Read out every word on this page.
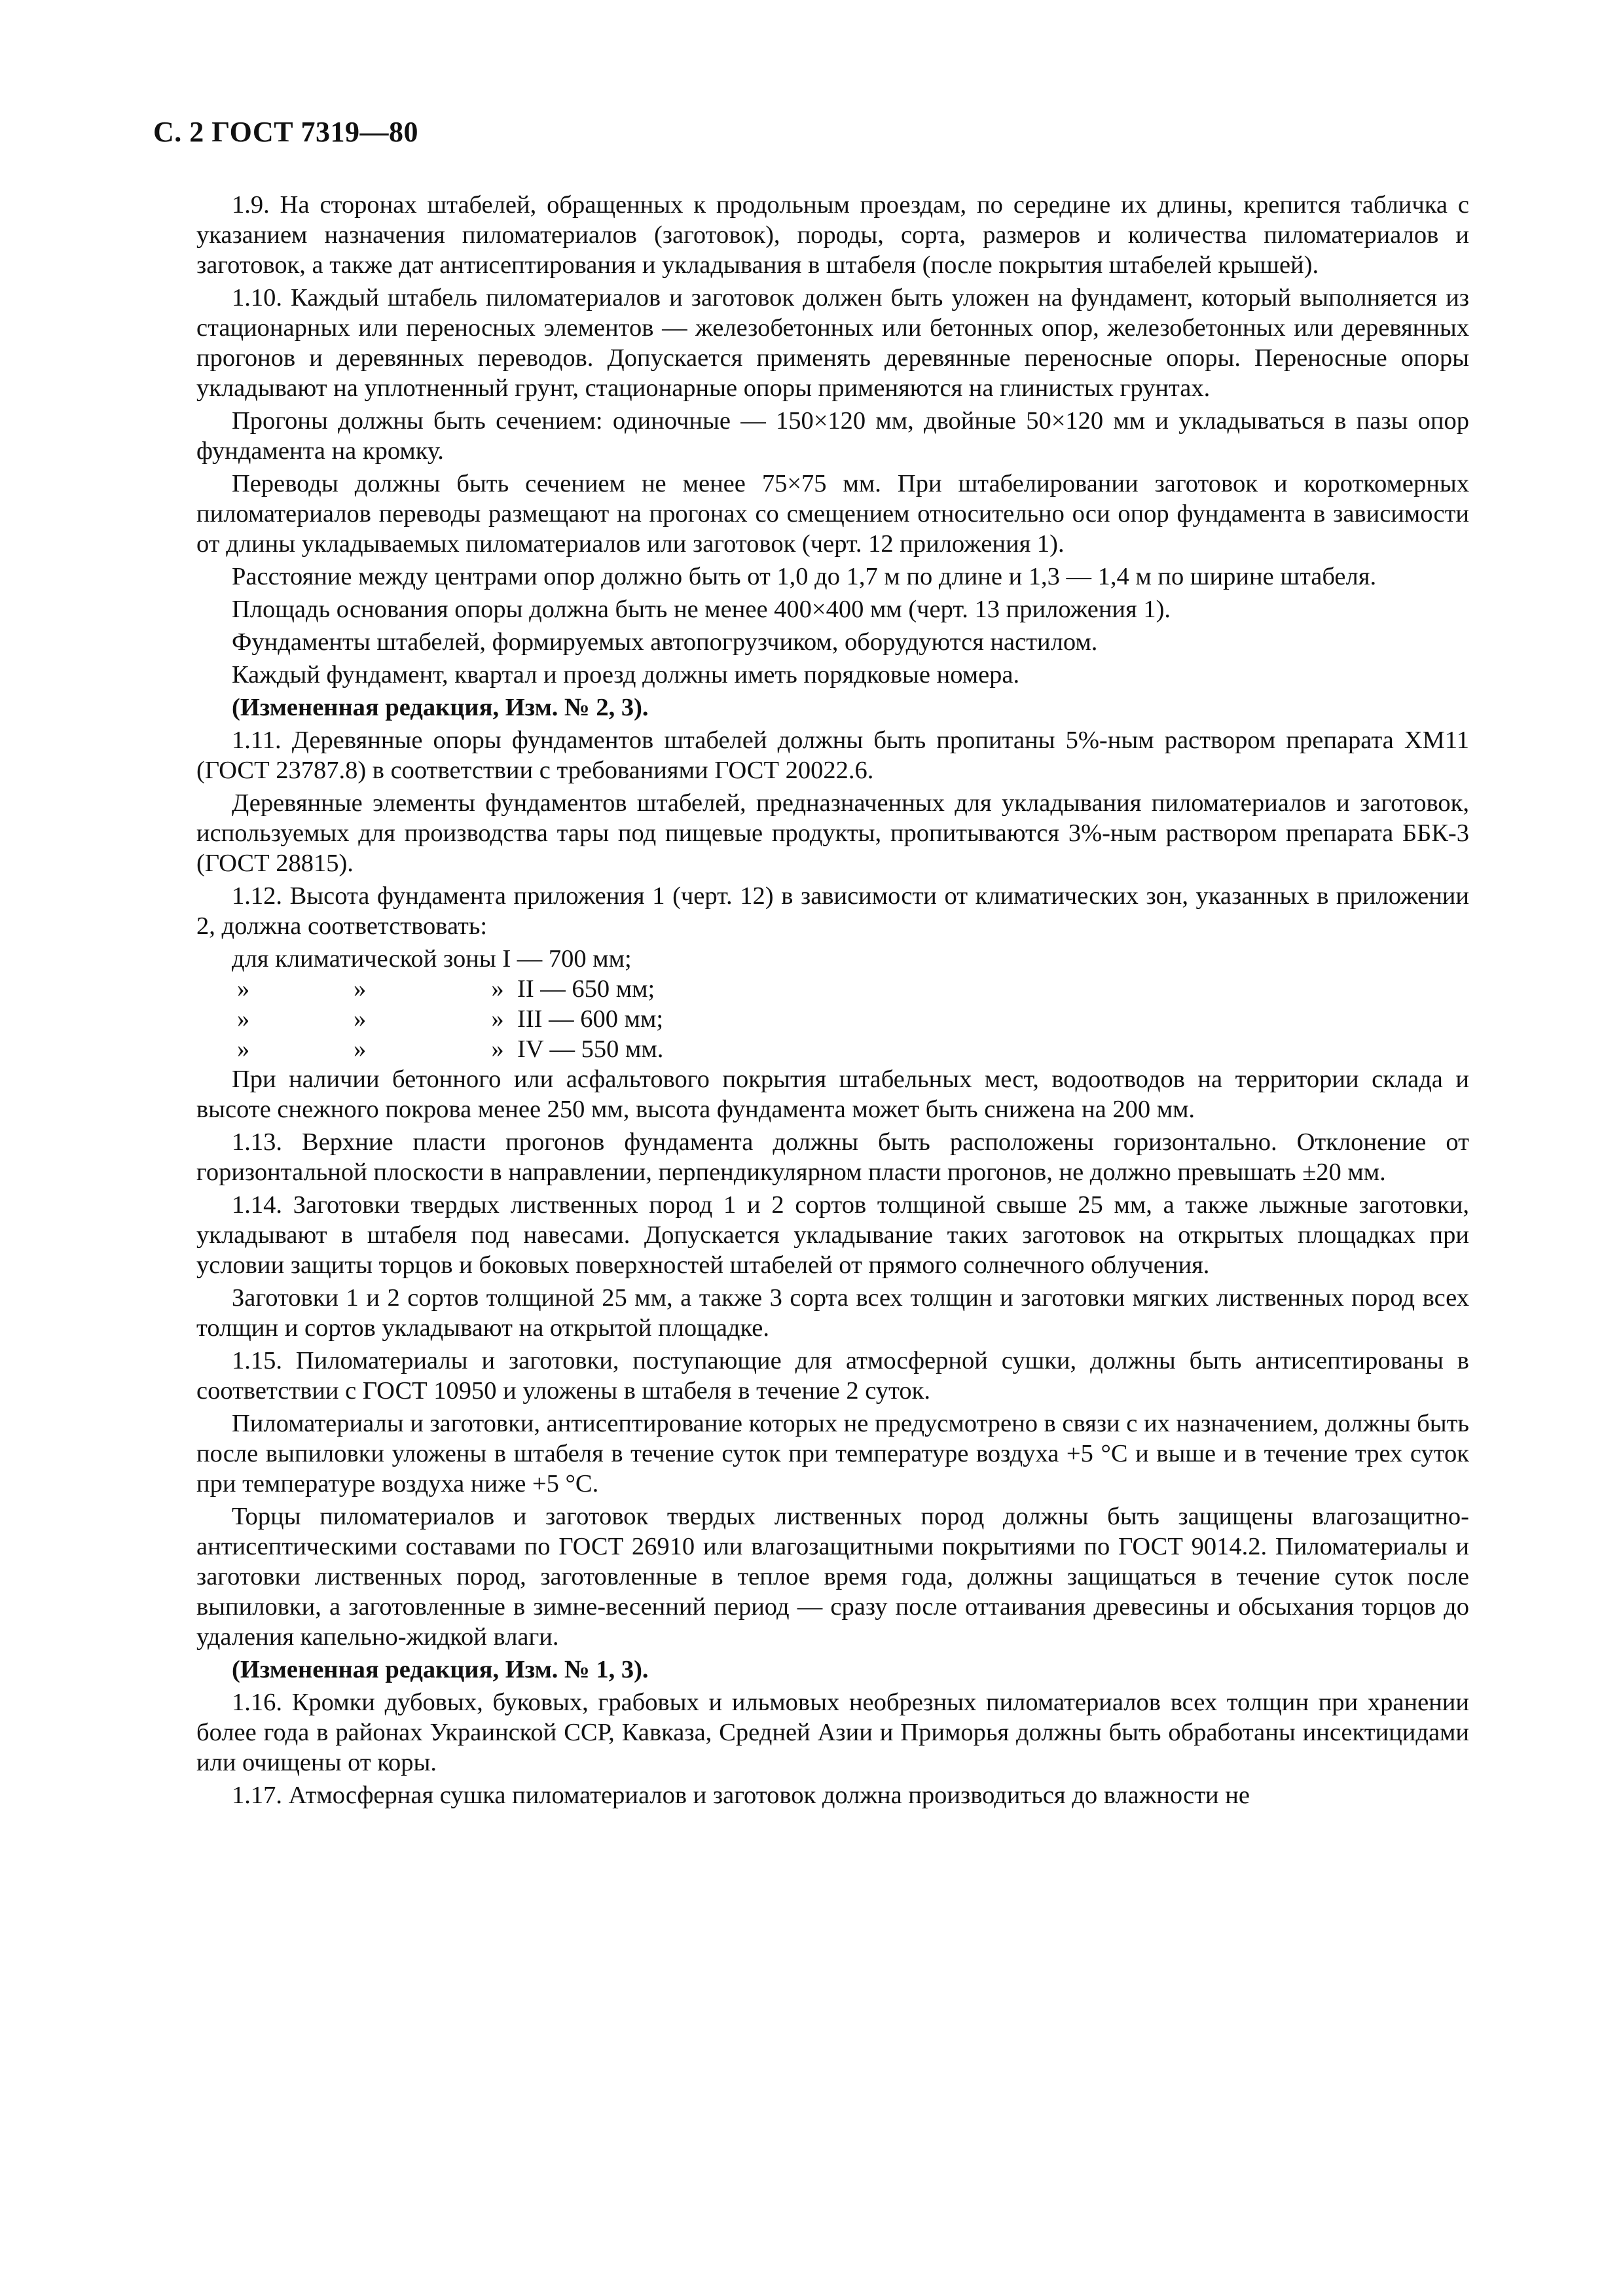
С. 2 ГОСТ 7319—80

1.9. На сторонах штабелей, обращенных к продольным проездам, по середине их длины, крепится табличка с указанием назначения пиломатериалов (заготовок), породы, сорта, размеров и количества пиломатериалов и заготовок, а также дат антисептирования и укладывания в штабеля (после покрытия штабелей крышей).

1.10. Каждый штабель пиломатериалов и заготовок должен быть уложен на фундамент, который выполняется из стационарных или переносных элементов — железобетонных или бетонных опор, железобетонных или деревянных прогонов и деревянных переводов. Допускается применять деревянные переносные опоры. Переносные опоры укладывают на уплотненный грунт, стационарные опоры применяются на глинистых грунтах.

Прогоны должны быть сечением: одиночные — 150×120 мм, двойные 50×120 мм и укладываться в пазы опор фундамента на кромку.

Переводы должны быть сечением не менее 75×75 мм. При штабелировании заготовок и короткомерных пиломатериалов переводы размещают на прогонах со смещением относительно оси опор фундамента в зависимости от длины укладываемых пиломатериалов или заготовок (черт. 12 приложения 1).

Расстояние между центрами опор должно быть от 1,0 до 1,7 м по длине и 1,3 — 1,4 м по ширине штабеля.

Площадь основания опоры должна быть не менее 400×400 мм (черт. 13 приложения 1).

Фундаменты штабелей, формируемых автопогрузчиком, оборудуются настилом.

Каждый фундамент, квартал и проезд должны иметь порядковые номера.

(Измененная редакция, Изм. № 2, 3).

1.11. Деревянные опоры фундаментов штабелей должны быть пропитаны 5%-ным раствором препарата ХМ11 (ГОСТ 23787.8) в соответствии с требованиями ГОСТ 20022.6.

Деревянные элементы фундаментов штабелей, предназначенных для укладывания пиломатериалов и заготовок, используемых для производства тары под пищевые продукты, пропитываются 3%-ным раствором препарата ББК-3 (ГОСТ 28815).

1.12. Высота фундамента приложения 1 (черт. 12) в зависимости от климатических зон, указанных в приложении 2, должна соответствовать:

для климатической зоны I — 700 мм;
»	»	» II — 650 мм;
»	»	» III — 600 мм;
»	»	» IV — 550 мм.

При наличии бетонного или асфальтового покрытия штабельных мест, водоотводов на территории склада и высоте снежного покрова менее 250 мм, высота фундамента может быть снижена на 200 мм.

1.13. Верхние пласти прогонов фундамента должны быть расположены горизонтально. Отклонение от горизонтальной плоскости в направлении, перпендикулярном пласти прогонов, не должно превышать ±20 мм.

1.14. Заготовки твердых лиственных пород 1 и 2 сортов толщиной свыше 25 мм, а также лыжные заготовки, укладывают в штабеля под навесами. Допускается укладывание таких заготовок на открытых площадках при условии защиты торцов и боковых поверхностей штабелей от прямого солнечного облучения.

Заготовки 1 и 2 сортов толщиной 25 мм, а также 3 сорта всех толщин и заготовки мягких лиственных пород всех толщин и сортов укладывают на открытой площадке.

1.15. Пиломатериалы и заготовки, поступающие для атмосферной сушки, должны быть антисептированы в соответствии с ГОСТ 10950 и уложены в штабеля в течение 2 суток.

Пиломатериалы и заготовки, антисептирование которых не предусмотрено в связи с их назначением, должны быть после выпиловки уложены в штабеля в течение суток при температуре воздуха +5 °С и выше и в течение трех суток при температуре воздуха ниже +5 °С.

Торцы пиломатериалов и заготовок твердых лиственных пород должны быть защищены влагозащитно-антисептическими составами по ГОСТ 26910 или влагозащитными покрытиями по ГОСТ 9014.2. Пиломатериалы и заготовки лиственных пород, заготовленные в теплое время года, должны защищаться в течение суток после выпиловки, а заготовленные в зимне-весенний период — сразу после оттаивания древесины и обсыхания торцов до удаления капельно-жидкой влаги.

(Измененная редакция, Изм. № 1, 3).

1.16. Кромки дубовых, буковых, грабовых и ильмовых необрезных пиломатериалов всех толщин при хранении более года в районах Украинской ССР, Кавказа, Средней Азии и Приморья должны быть обработаны инсектицидами или очищены от коры.

1.17. Атмосферная сушка пиломатериалов и заготовок должна производиться до влажности не
